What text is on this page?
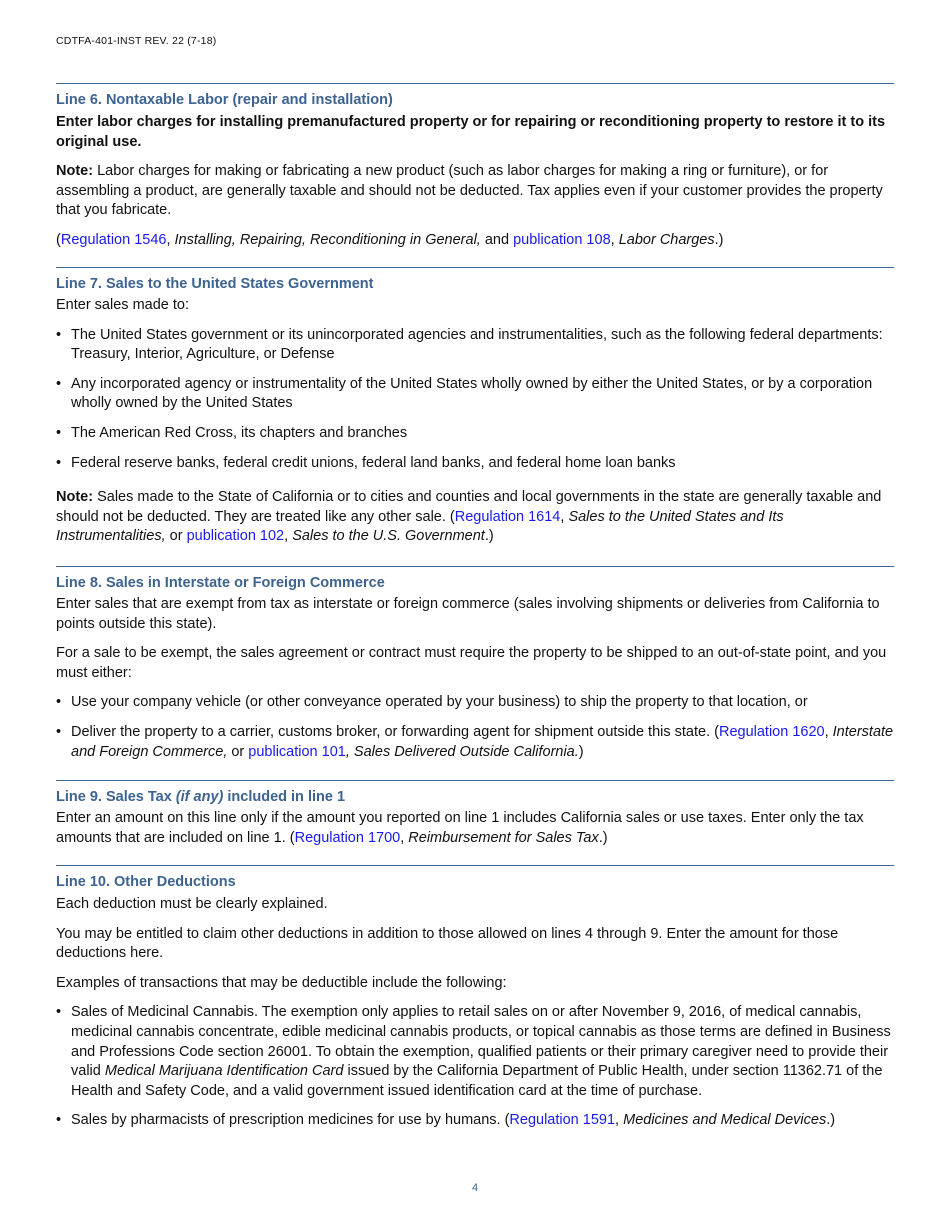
CDTFA-401-INST REV. 22 (7-18)
Line 6. Nontaxable Labor (repair and installation)

Enter labor charges for installing premanufactured property or for repairing or reconditioning property to restore it to its original use.

Note: Labor charges for making or fabricating a new product (such as labor charges for making a ring or furniture), or for assembling a product, are generally taxable and should not be deducted. Tax applies even if your customer provides the property that you fabricate.

(Regulation 1546, Installing, Repairing, Reconditioning in General, and publication 108, Labor Charges.)

Line 7. Sales to the United States Government

Enter sales made to:

• The United States government or its unincorporated agencies and instrumentalities, such as the following federal departments: Treasury, Interior, Agriculture, or Defense
• Any incorporated agency or instrumentality of the United States wholly owned by either the United States, or by a corporation wholly owned by the United States
• The American Red Cross, its chapters and branches
• Federal reserve banks, federal credit unions, federal land banks, and federal home loan banks

Note: Sales made to the State of California or to cities and counties and local governments in the state are generally taxable and should not be deducted. They are treated like any other sale. (Regulation 1614, Sales to the United States and Its Instrumentalities, or publication 102, Sales to the U.S. Government.)

Line 8. Sales in Interstate or Foreign Commerce

Enter sales that are exempt from tax as interstate or foreign commerce (sales involving shipments or deliveries from California to points outside this state).

For a sale to be exempt, the sales agreement or contract must require the property to be shipped to an out-of-state point, and you must either:

• Use your company vehicle (or other conveyance operated by your business) to ship the property to that location, or
• Deliver the property to a carrier, customs broker, or forwarding agent for shipment outside this state. (Regulation 1620, Interstate and Foreign Commerce, or publication 101, Sales Delivered Outside California.)
Line 9. Sales Tax (if any) included in line 1

Enter an amount on this line only if the amount you reported on line 1 includes California sales or use taxes. Enter only the tax amounts that are included on line 1. (Regulation 1700, Reimbursement for Sales Tax.)

Line 10. Other Deductions

Each deduction must be clearly explained.

You may be entitled to claim other deductions in addition to those allowed on lines 4 through 9. Enter the amount for those deductions here.

Examples of transactions that may be deductible include the following:

• Sales of Medicinal Cannabis. The exemption only applies to retail sales on or after November 9, 2016, of medical cannabis, medicinal cannabis concentrate, edible medicinal cannabis products, or topical cannabis as those terms are defined in Business and Professions Code section 26001. To obtain the exemption, qualified patients or their primary caregiver need to provide their valid Medical Marijuana Identification Card issued by the California Department of Public Health, under section 11362.71 of the Health and Safety Code, and a valid government issued identification card at the time of purchase.
• Sales by pharmacists of prescription medicines for use by humans. (Regulation 1591, Medicines and Medical Devices.)
4
